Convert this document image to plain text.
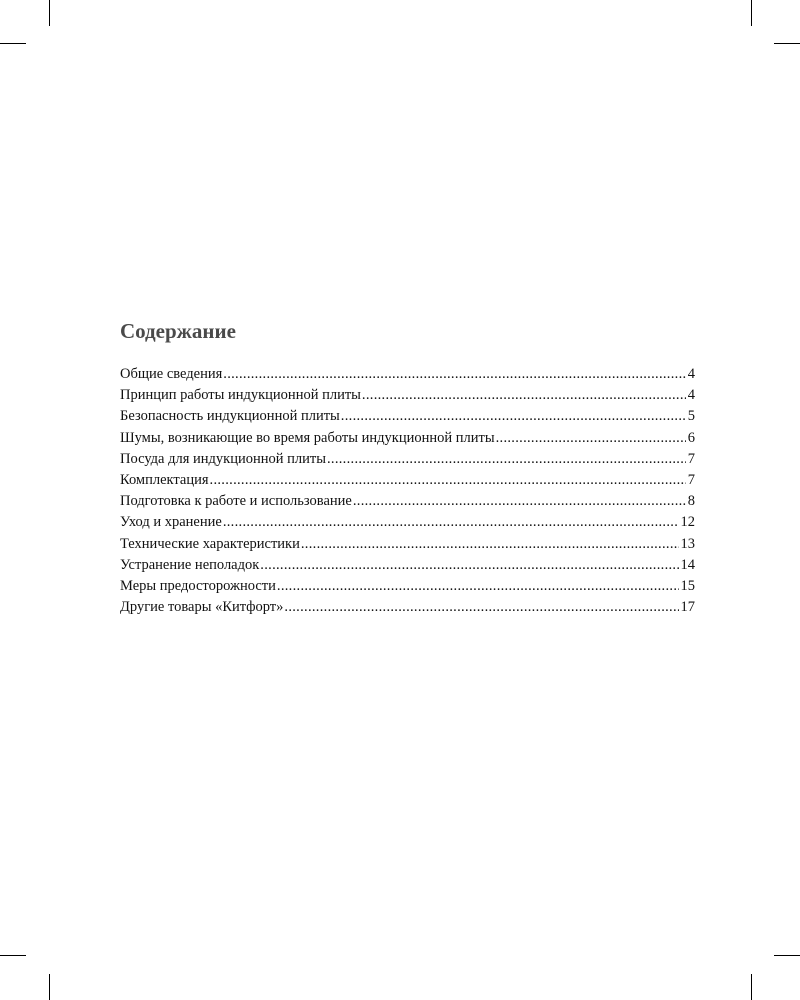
Содержание
Общие сведения .....	4
Принцип работы индукционной плиты .....	4
Безопасность индукционной плиты .....	5
Шумы, возникающие во время работы индукционной плиты .....	6
Посуда для индукционной плиты .....	7
Комплектация .....	7
Подготовка к работе и использование .....	8
Уход и хранение .....	12
Технические характеристики .....	13
Устранение неполадок .....	14
Меры предосторожности .....	15
Другие товары «Китфорт» .....	17
